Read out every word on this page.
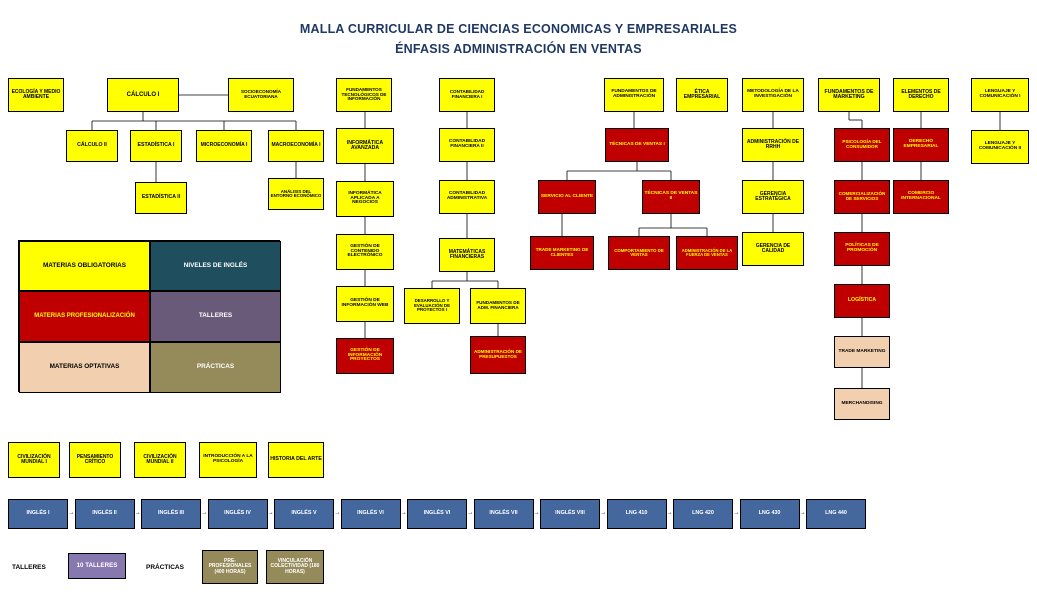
MALLA CURRICULAR DE CIENCIAS ECONOMICAS Y EMPRESARIALES
ÉNFASIS ADMINISTRACIÓN EN VENTAS
ECOLOGÍA Y MEDIO AMBIENTE	CÁLCULO I
SOCIOECONOMÍA ECUATORIANA
FUNDAMENTOS TECNOLÓGICOS DE INFORMACIÓN
CONTABILIDAD FINANCIERA I
FUNDAMENTOS DE ADMINISTRACIÓN
ÉTICA EMPRESARIAL
METODOLOGÍA DE LA INVESTIGACIÓN
FUNDAMENTOS DE MARKETING
ELEMENTOS DE DERECHO
LENGUAJE Y COMUNICACIÓN I
CÁLCULO II	ESTADÍSTICA I	MICROECONOMÍA I	MACROECONOMÍA I
ESTADÍSTICA II
ANÁLISIS DEL ENTORNO ECONÓMICO
INFORMÁTICA AVANZADA
INFORMÁTICA APLICADA A NEGOCIOS
GESTIÓN DE CONTENIDO ELECTRÓNICO
GESTIÓN DE INFORMACIÓN WEB
GESTIÓN DE INFORMACIÓN PROYECTOS
CONTABILIDAD FINANCIERA II
CONTABILIDAD ADMINISTRATIVA
MATEMÁTICAS FINANCIERAS
DESARROLLO Y EVALUACIÓN DE PROYECTOS I
FUNDAMENTOS DE ADM. FINANCIERA
ADMINISTRACIÓN DE PRESUPUESTOS
TÉCNICAS DE VENTAS I
SERVICIO AL CLIENTE	TÉCNICAS DE VENTAS II
TRADE MARKETING DE CLIENTES
COMPORTAMIENTO DE VENTAS
ADMINISTRACIÓN DE LA FUERZA DE VENTAS
ADMINISTRACIÓN DE RRHH
GERENCIA ESTRATÉGICA
GERENCIA DE CALIDAD
PSICOLOGÍA DEL CONSUMIDOR
COMERCIALIZACIÓN DE SERVICIOS
POLÍTICAS DE PROMOCIÓN
LOGÍSTICA
TRADE MARKETING
MERCHANDISING
DERECHO EMPRESARIAL
COMERCIO INTERNACIONAL
LENGUAJE Y COMUNICACIÓN II
CIVILIZACIÓN MUNDIAL I
PENSAMIENTO CRÍTICO
CIVILIZACIÓN MUNDIAL II
INTRODUCCIÓN A LA PSICOLOGÍA	HISTORIA DEL ARTE
MATERIAS OBLIGATORIAS	NIVELES DE INGLÉS
MATERIAS PROFESIONALIZACIÓN	TALLERES
MATERIAS OPTATIVAS	PRÁCTICAS
INGLÉS I	→	INGLÉS II	→	INGLÉS III	→	INGLÉS IV	→	INGLÉS V	→	INGLÉS VI	→	INGLÉS VI	→	INGLÉS VII	→	INGLÉS VIII	→	LNG 410	→	LNG 420	→	LNG 430	→	LNG 440
TALLERES	10 TALLERES	PRÁCTICAS
PRE-PROFESIONALES (400 HORAS)
VINCULACIÓN COLECTIVIDAD (180 HORAS)
